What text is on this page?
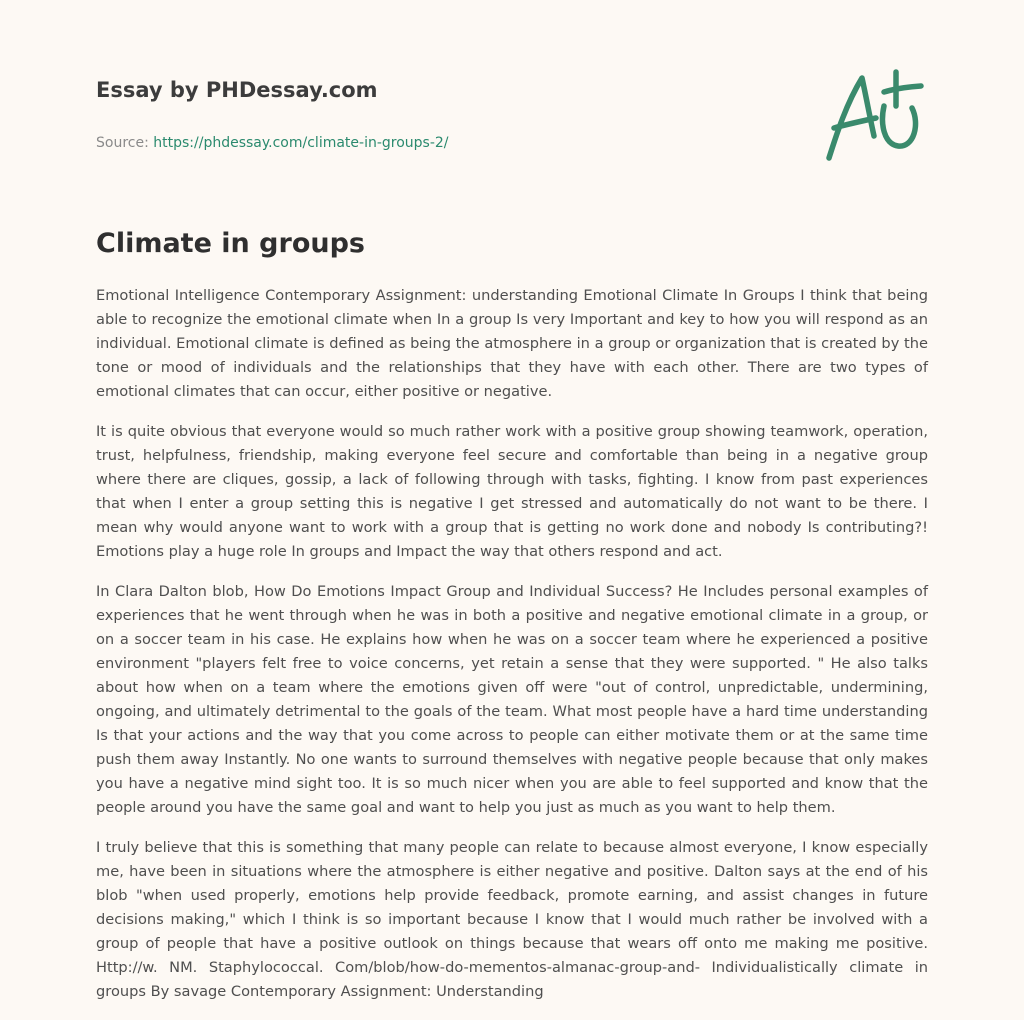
Essay by PHDessay.com

Source: https://phdessay.com/climate-in-groups-2/
Climate in groups

Emotional Intelligence Contemporary Assignment: understanding Emotional Climate In Groups I think that being able to recognize the emotional climate when In a group Is very Important and key to how you will respond as an individual. Emotional climate is defined as being the atmosphere in a group or organization that is created by the tone or mood of individuals and the relationships that they have with each other. There are two types of emotional climates that can occur, either positive or negative.

It is quite obvious that everyone would so much rather work with a positive group showing teamwork, operation, trust, helpfulness, friendship, making everyone feel secure and comfortable than being in a negative group where there are cliques, gossip, a lack of following through with tasks, fighting. I know from past experiences that when I enter a group setting this is negative I get stressed and automatically do not want to be there. I mean why would anyone want to work with a group that is getting no work done and nobody Is contributing?! Emotions play a huge role In groups and Impact the way that others respond and act.

In Clara Dalton blob, How Do Emotions Impact Group and Individual Success? He Includes personal examples of experiences that he went through when he was in both a positive and negative emotional climate in a group, or on a soccer team in his case. He explains how when he was on a soccer team where he experienced a positive environment "players felt free to voice concerns, yet retain a sense that they were supported. " He also talks about how when on a team where the emotions given off were "out of control, unpredictable, undermining, ongoing, and ultimately detrimental to the goals of the team. What most people have a hard time understanding Is that your actions and the way that you come across to people can either motivate them or at the same time push them away Instantly. No one wants to surround themselves with negative people because that only makes you have a negative mind sight too. It is so much nicer when you are able to feel supported and know that the people around you have the same goal and want to help you just as much as you want to help them.

I truly believe that this is something that many people can relate to because almost everyone, I know especially me, have been in situations where the atmosphere is either negative and positive. Dalton says at the end of his blob "when used properly, emotions help provide feedback, promote earning, and assist changes in future decisions making," which I think is so important because I know that I would much rather be involved with a group of people that have a positive outlook on things because that wears off onto me making me positive. Http://w. NM. Staphylococcal. Com/blob/how-do-mementos-almanac-group-and- Individualistically climate in groups By savage Contemporary Assignment: Understanding
